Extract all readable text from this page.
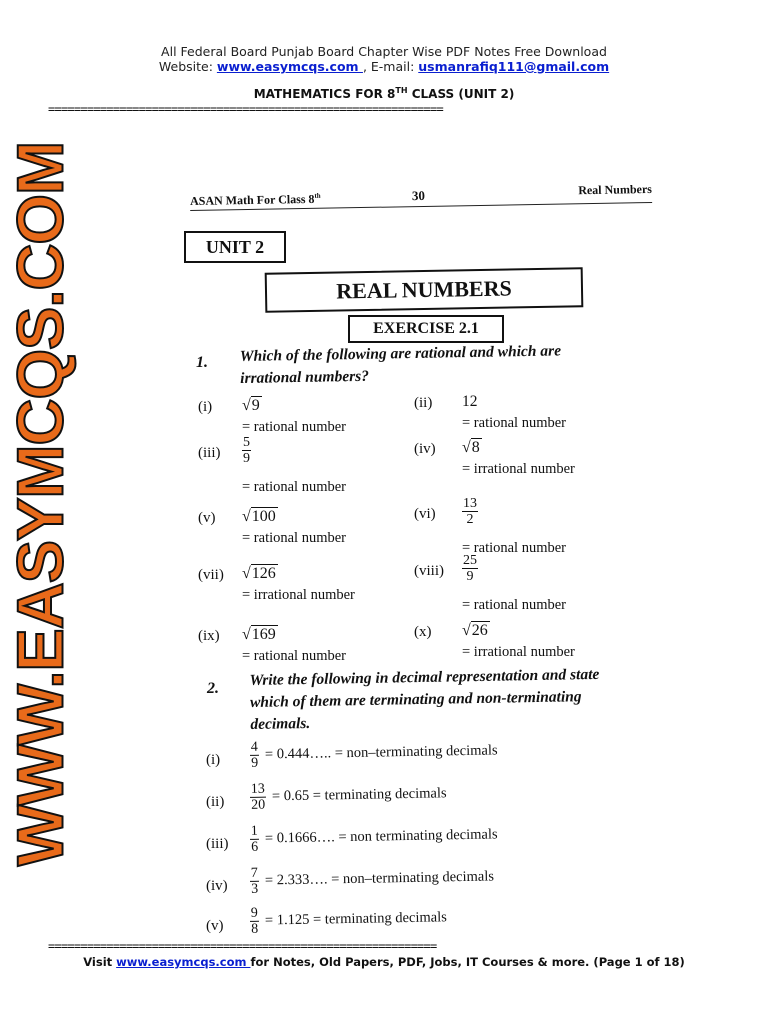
All Federal Board Punjab Board Chapter Wise PDF Notes Free Download
Website: www.easymcqs.com , E-mail: usmanrafiq111@gmail.com
MATHEMATICS FOR 8TH CLASS (UNIT 2)
=============================================================
WWW.EASYMCQS.COM	ASAN Math For Class 8th	30	Real Numbers
UNIT 2
REAL NUMBERS
EXERCISE 2.1
1. Which of the following are rational and which are
irrational numbers?
(i) √9
= rational number
(ii) 12
= rational number
$(iii) \frac{5}{9}$
= rational number
(iv) √8
= irrational number
(v) √100
= rational number
$(vi) \frac{13}{2}$
= rational number
(vii) √126
= irrational number
(viii) $\frac{25}{9}$
= rational number
(ix) √169
= rational number
(x) √26
= irrational number
2. Write the following in decimal representation and state
which of them are terminating and non-terminating
decimals.
$(i) \frac{4}{9}$ = 0.444….. = non–terminating decimals
$(ii) \frac{13}{20} = 0.65$ = terminating decimals
$(iii) \frac{1}{6}$ = 0.1666…. = non terminating decimals
$(iv) \frac{7}{3}$ = 2.333…. = non–terminating decimals
$(v) \frac{9}{8} = 1.125$ = terminating decimals
============================================================
Visit www.easymcqs.com for Notes, Old Papers, PDF, Jobs, IT Courses & more. (Page 1 of 18)
